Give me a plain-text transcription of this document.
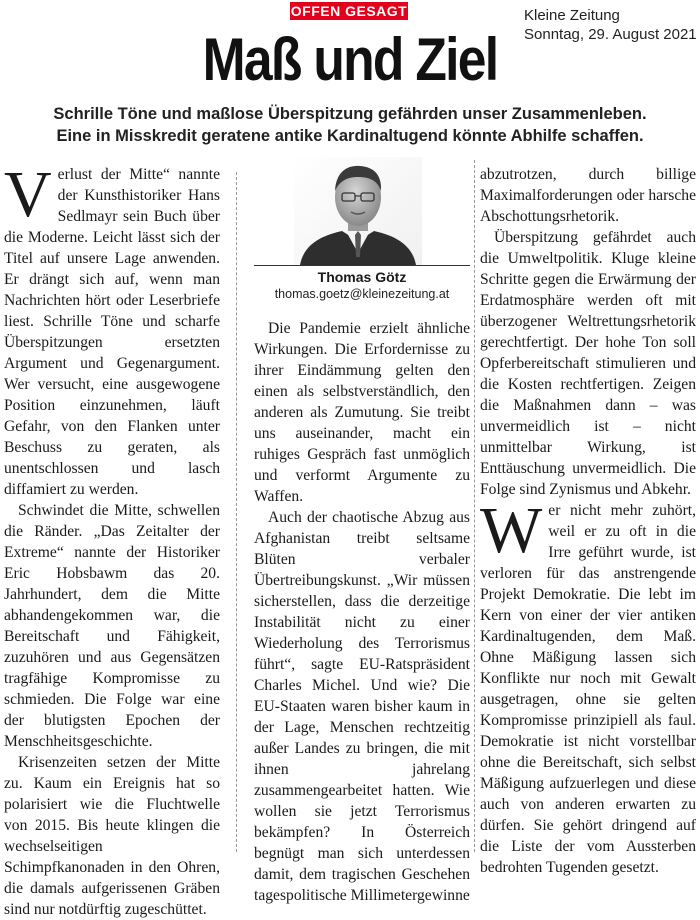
OFFEN GESAGT	Kleine Zeitung
Sonntag, 29. August 2021
Maß und Ziel
Schrille Töne und maßlose Überspitzung gefährden unser Zusammenleben.
Eine in Misskredit geratene antike Kardinaltugend könnte Abhilfe schaffen.

Verlust der Mitte“ nannte der Kunsthistoriker Hans Sedlmayr sein Buch über die Moderne. Leicht lässt sich der Titel auf unsere Lage anwenden. Er drängt sich auf, wenn man Nachrichten hört oder Leserbriefe liest. Schrille Töne und scharfe Überspitzungen ersetzten Argument und Gegenargument. Wer versucht, eine ausgewogene Position einzunehmen, läuft Gefahr, von den Flanken unter Beschuss zu geraten, als unentschlossen und lasch diffamiert zu werden.

Schwindet die Mitte, schwellen die Ränder. „Das Zeitalter der Extreme“ nannte der Historiker Eric Hobsbawm das 20. Jahrhundert, dem die Mitte abhandengekommen war, die Bereitschaft und Fähigkeit, zuzuhören und aus Gegensätzen tragfähige Kompromisse zu schmieden. Die Folge war eine der blutigsten Epochen der Menschheitsgeschichte.

Krisenzeiten setzen der Mitte zu. Kaum ein Ereignis hat so polarisiert wie die Fluchtwelle von 2015. Bis heute klingen die wechselseitigen Schimpfkanonaden in den Ohren, die damals aufgerissenen Gräben sind nur notdürftig zugeschüttet.

Thomas Götz
thomas.goetz@kleinezeitung.at

Die Pandemie erzielt ähnliche Wirkungen. Die Erfordernisse zu ihrer Eindämmung gelten den einen als selbstverständlich, den anderen als Zumutung. Sie treibt uns auseinander, macht ein ruhiges Gespräch fast unmöglich und verformt Argumente zu Waffen.

Auch der chaotische Abzug aus Afghanistan treibt seltsame Blüten verbaler Übertreibungskunst. „Wir müssen sicherstellen, dass die derzeitige Instabilität nicht zu einer Wiederholung des Terrorismus führt“, sagte EU-Ratspräsident Charles Michel. Und wie? Die EU-Staaten waren bisher kaum in der Lage, Menschen rechtzeitig außer Landes zu bringen, die mit ihnen jahrelang zusammengearbeitet hatten. Wie wollen sie jetzt Terrorismus bekämpfen? In Österreich begnügt man sich unterdessen damit, dem tragischen Geschehen tagespolitische Millimetergewinne

abzutrotzen, durch billige Maximalforderungen oder harsche Abschottungsrhetorik.

Überspitzung gefährdet auch die Umweltpolitik. Kluge kleine Schritte gegen die Erwärmung der Erdatmosphäre werden oft mit überzogener Weltrettungsrhetorik gerechtfertigt. Der hohe Ton soll Opferbereitschaft stimulieren und die Kosten rechtfertigen. Zeigen die Maßnahmen dann – was unvermeidlich ist – nicht unmittelbar Wirkung, ist Enttäuschung unvermeidlich. Die Folge sind Zynismus und Abkehr.

Wer nicht mehr zuhört, weil er zu oft in die Irre geführt wurde, ist verloren für das anstrengende Projekt Demokratie. Die lebt im Kern von einer der vier antiken Kardinaltugenden, dem Maß. Ohne Mäßigung lassen sich Konflikte nur noch mit Gewalt ausgetragen, ohne sie gelten Kompromisse prinzipiell als faul. Demokratie ist nicht vorstellbar ohne die Bereitschaft, sich selbst Mäßigung aufzuerlegen und diese auch von anderen erwarten zu dürfen. Sie gehört dringend auf die Liste der vom Aussterben bedrohten Tugenden gesetzt.
